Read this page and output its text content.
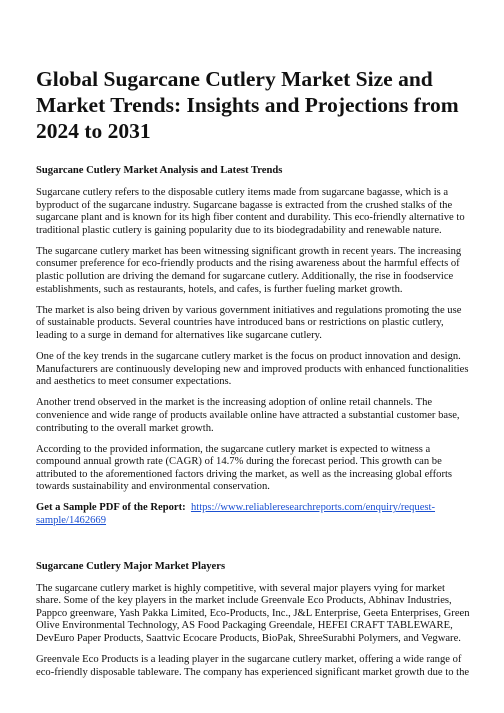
Global Sugarcane Cutlery Market Size and Market Trends: Insights and Projections from 2024 to 2031
Sugarcane Cutlery Market Analysis and Latest Trends

Sugarcane cutlery refers to the disposable cutlery items made from sugarcane bagasse, which is a byproduct of the sugarcane industry. Sugarcane bagasse is extracted from the crushed stalks of the sugarcane plant and is known for its high fiber content and durability. This eco-friendly alternative to traditional plastic cutlery is gaining popularity due to its biodegradability and renewable nature.

The sugarcane cutlery market has been witnessing significant growth in recent years. The increasing consumer preference for eco-friendly products and the rising awareness about the harmful effects of plastic pollution are driving the demand for sugarcane cutlery. Additionally, the rise in foodservice establishments, such as restaurants, hotels, and cafes, is further fueling market growth.

The market is also being driven by various government initiatives and regulations promoting the use of sustainable products. Several countries have introduced bans or restrictions on plastic cutlery, leading to a surge in demand for alternatives like sugarcane cutlery.

One of the key trends in the sugarcane cutlery market is the focus on product innovation and design. Manufacturers are continuously developing new and improved products with enhanced functionalities and aesthetics to meet consumer expectations.

Another trend observed in the market is the increasing adoption of online retail channels. The convenience and wide range of products available online have attracted a substantial customer base, contributing to the overall market growth.

According to the provided information, the sugarcane cutlery market is expected to witness a compound annual growth rate (CAGR) of 14.7% during the forecast period. This growth can be attributed to the aforementioned factors driving the market, as well as the increasing global efforts towards sustainability and environmental conservation.

Get a Sample PDF of the Report: https://www.reliableresearchreports.com/enquiry/request-sample/1462669

Sugarcane Cutlery Major Market Players

The sugarcane cutlery market is highly competitive, with several major players vying for market share. Some of the key players in the market include Greenvale Eco Products, Abhinav Industries, Pappco greenware, Yash Pakka Limited, Eco-Products, Inc., J&L Enterprise, Geeta Enterprises, Green Olive Environmental Technology, AS Food Packaging Greendale, HEFEI CRAFT TABLEWARE, DevEuro Paper Products, Saattvic Ecocare Products, BioPak, ShreeSurabhi Polymers, and Vegware.

Greenvale Eco Products is a leading player in the sugarcane cutlery market, offering a wide range of eco-friendly disposable tableware. The company has experienced significant market growth due to the
